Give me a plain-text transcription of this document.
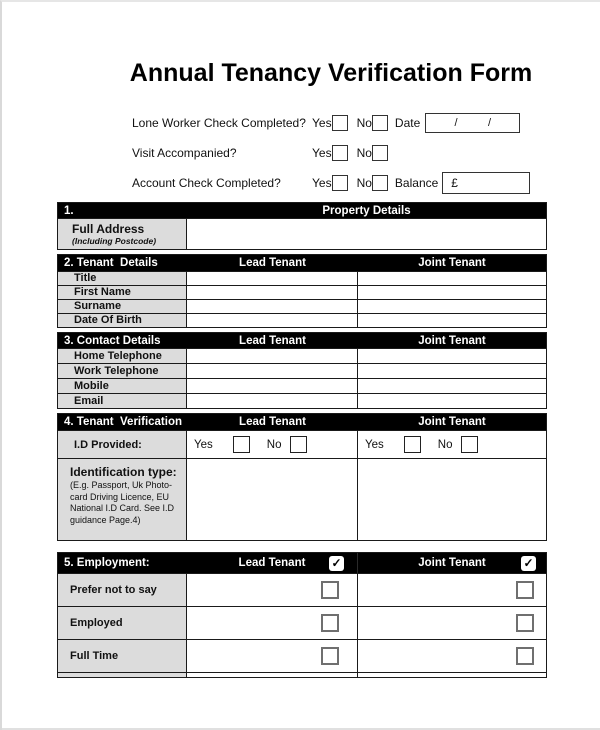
Annual Tenancy Verification Form
Lone Worker Check Completed? Yes No Date	/          /
Visit Accompanied?	Yes No
Account Check Completed?	Yes No Balance	£
1.	Property Details
Full Address
(Including Postcode)
2. Tenant  Details	Lead Tenant	Joint Tenant
Title
First Name
Surname
Date Of Birth
3. Contact Details	Lead Tenant	Joint Tenant
Home Telephone
Work Telephone
Mobile
Email
4. Tenant  Verification	Lead Tenant	Joint Tenant
I.D Provided:	Yes	No	Yes	No
Identification type:
(E.g. Passport, Uk Photo-card Driving Licence, EU National I.D Card. See I.D guidance Page.4)
5. Employment:	Lead Tenant ✓	Joint Tenant	✓
Prefer not to say
Employed
Full Time
